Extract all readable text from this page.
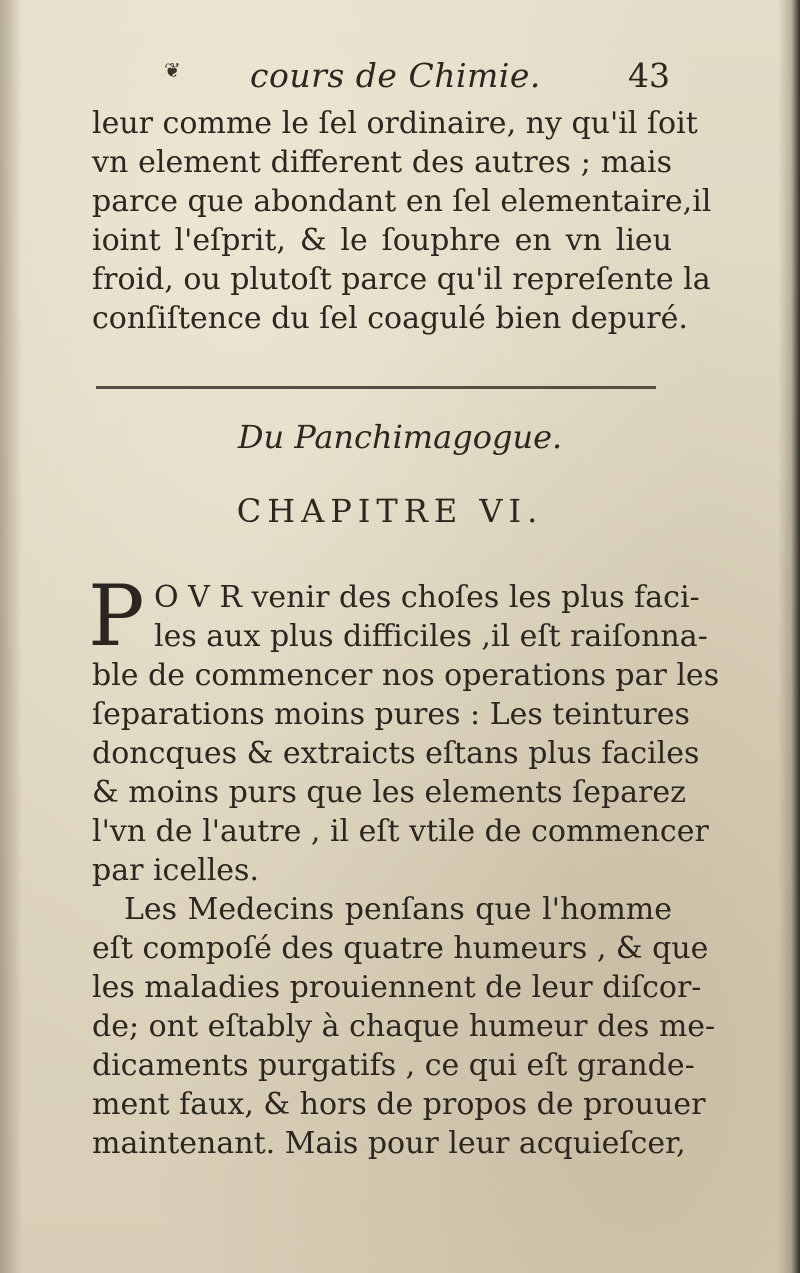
❦ cours de Chimie.	43
leur comme le ſel ordinaire, ny qu'il ſoit
vn element different des autres ; mais
parce que abondant en ſel elementaire,il
ioint l'eſprit, & le ſouphre en vn lieu
froid, ou plutoſt parce qu'il repreſente la
conſiſtence du ſel coagulé bien depuré.
Du Panchimagogue.
CHAPITRE VI.
P O V R venir des choſes les plus faci-
les aux plus difficiles ,il eſt raiſonna-
ble de commencer nos operations par les
ſeparations moins pures : Les teintures
doncques & extraicts eſtans plus faciles
& moins purs que les elements ſeparez
l'vn de l'autre , il eſt vtile de commencer
par icelles.
Les Medecins penſans que l'homme
eſt compoſé des quatre humeurs , & que
les maladies prouiennent de leur diſcor-
de; ont eſtably à chaque humeur des me-
dicaments purgatifs , ce qui eſt grande-
ment faux, & hors de propos de prouuer
maintenant. Mais pour leur acquieſcer,
